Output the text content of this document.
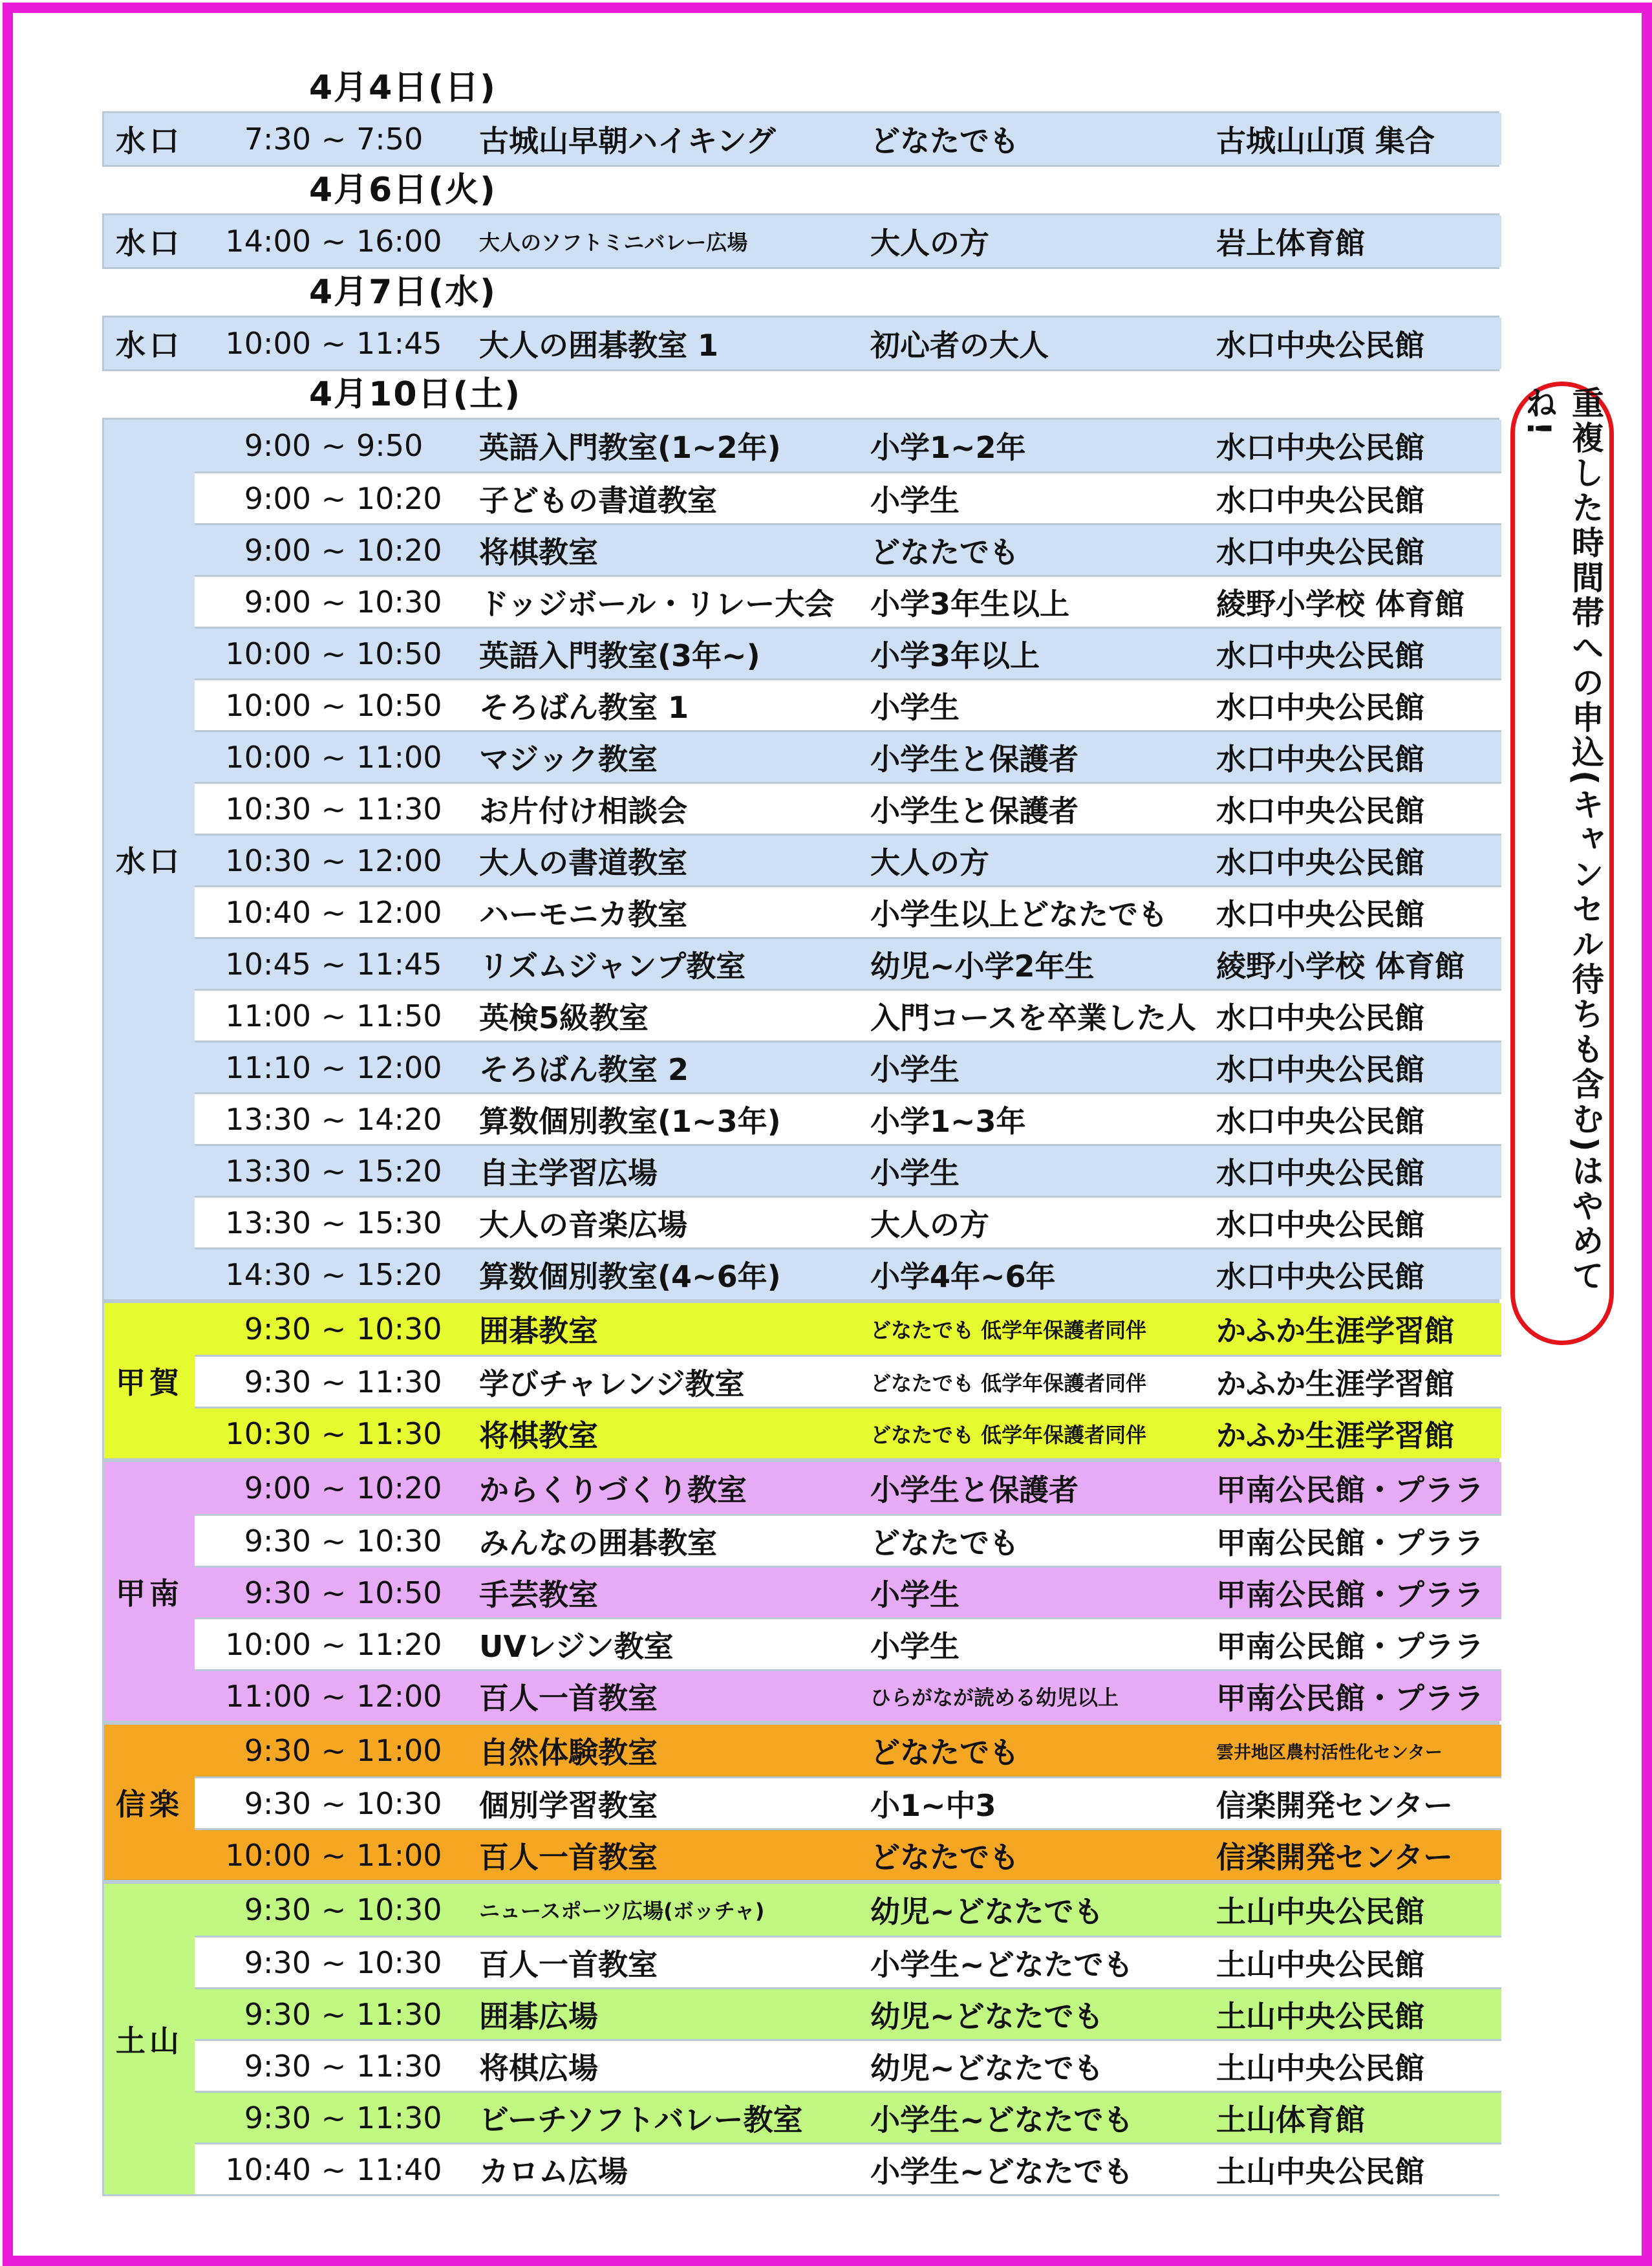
4月4日(日)
水口	7:30 ~ 7:50	古城山早朝ハイキング	どなたでも	古城山山頂 集合
4月6日(火)
水口	14:00 ~ 16:00	大人のソフトミニバレー広場	大人の方	岩上体育館
4月7日(水)
水口	10:00 ~ 11:45	大人の囲碁教室 1	初心者の大人	水口中央公民館
4月10日(土)
水口
9:00 ~ 9:50	英語入門教室(1~2年)	小学1~2年	水口中央公民館
9:00 ~ 10:20	子どもの書道教室	小学生	水口中央公民館
9:00 ~ 10:20	将棋教室	どなたでも	水口中央公民館
9:00 ~ 10:30	ドッジボール・リレー大会	小学3年生以上	綾野小学校 体育館
10:00 ~ 10:50	英語入門教室(3年~)	小学3年以上	水口中央公民館
10:00 ~ 10:50	そろばん教室 1	小学生	水口中央公民館
10:00 ~ 11:00	マジック教室	小学生と保護者	水口中央公民館
10:30 ~ 11:30	お片付け相談会	小学生と保護者	水口中央公民館
10:30 ~ 12:00	大人の書道教室	大人の方	水口中央公民館
10:40 ~ 12:00	ハーモニカ教室	小学生以上どなたでも	水口中央公民館
10:45 ~ 11:45	リズムジャンプ教室	幼児~小学2年生	綾野小学校 体育館
11:00 ~ 11:50	英検5級教室	入門コースを卒業した人 水口中央公民館
11:10 ~ 12:00	そろばん教室 2	小学生	水口中央公民館
13:30 ~ 14:20	算数個別教室(1~3年)	小学1~3年	水口中央公民館
13:30 ~ 15:20	自主学習広場	小学生	水口中央公民館
13:30 ~ 15:30	大人の音楽広場	大人の方	水口中央公民館
14:30 ~ 15:20	算数個別教室(4~6年)	小学4年~6年	水口中央公民館
甲賀
9:30 ~ 10:30	囲碁教室	どなたでも 低学年保護者同伴	かふか生涯学習館
9:30 ~ 11:30	学びチャレンジ教室	どなたでも 低学年保護者同伴	かふか生涯学習館
10:30 ~ 11:30	将棋教室	どなたでも 低学年保護者同伴	かふか生涯学習館
甲南
9:00 ~ 10:20	からくりづくり教室	小学生と保護者	甲南公民館・プララ
9:30 ~ 10:30	みんなの囲碁教室	どなたでも	甲南公民館・プララ
9:30 ~ 10:50	手芸教室	小学生	甲南公民館・プララ
10:00 ~ 11:20	UVレジン教室	小学生	甲南公民館・プララ
11:00 ~ 12:00	百人一首教室	ひらがなが読める幼児以上	甲南公民館・プララ
信楽
9:30 ~ 11:00	自然体験教室	どなたでも	雲井地区農村活性化センター
9:30 ~ 10:30	個別学習教室	小1~中3	信楽開発センター
10:00 ~ 11:00	百人一首教室	どなたでも	信楽開発センター
土山
9:30 ~ 10:30	ニュースポーツ広場(ボッチャ)	幼児~どなたでも	土山中央公民館
9:30 ~ 10:30	百人一首教室	小学生~どなたでも	土山中央公民館
9:30 ~ 11:30	囲碁広場	幼児~どなたでも	土山中央公民館
9:30 ~ 11:30	将棋広場	幼児~どなたでも	土山中央公民館
9:30 ~ 11:30	ビーチソフトバレー教室	小学生~どなたでも	土山体育館
10:40 ~ 11:40	カロム広場	小学生~どなたでも	土山中央公民館
重複した時間帯への申込(キャンセル待ちも含む)はやめてね!
